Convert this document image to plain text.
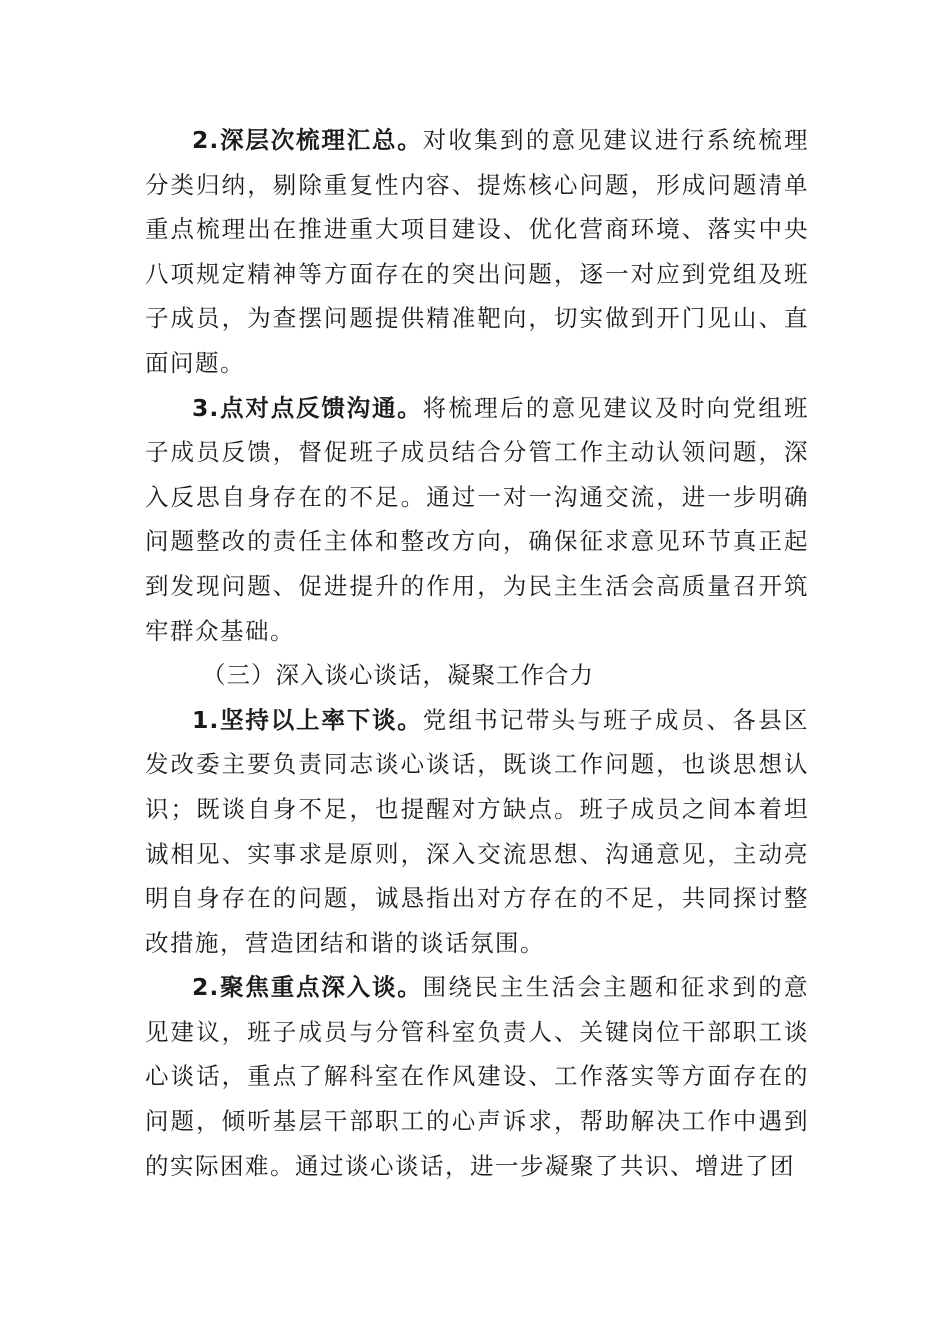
2.深层次梳理汇总。对收集到的意见建议进行系统梳理分类归纳，剔除重复性内容、提炼核心问题，形成问题清单重点梳理出在推进重大项目建设、优化营商环境、落实中央八项规定精神等方面存在的突出问题，逐一对应到党组及班子成员，为查摆问题提供精准靶向，切实做到开门见山、直面问题。

3.点对点反馈沟通。将梳理后的意见建议及时向党组班子成员反馈，督促班子成员结合分管工作主动认领问题，深入反思自身存在的不足。通过一对一沟通交流，进一步明确问题整改的责任主体和整改方向，确保征求意见环节真正起到发现问题、促进提升的作用，为民主生活会高质量召开筑牢群众基础。

（三）深入谈心谈话，凝聚工作合力

1.坚持以上率下谈。党组书记带头与班子成员、各县区发改委主要负责同志谈心谈话，既谈工作问题，也谈思想认识；既谈自身不足，也提醒对方缺点。班子成员之间本着坦诚相见、实事求是原则，深入交流思想、沟通意见，主动亮明自身存在的问题，诚恳指出对方存在的不足，共同探讨整改措施，营造团结和谐的谈话氛围。

2.聚焦重点深入谈。围绕民主生活会主题和征求到的意见建议，班子成员与分管科室负责人、关键岗位干部职工谈心谈话，重点了解科室在作风建设、工作落实等方面存在的问题，倾听基层干部职工的心声诉求，帮助解决工作中遇到的实际困难。通过谈心谈话，进一步凝聚了共识、增进了团
